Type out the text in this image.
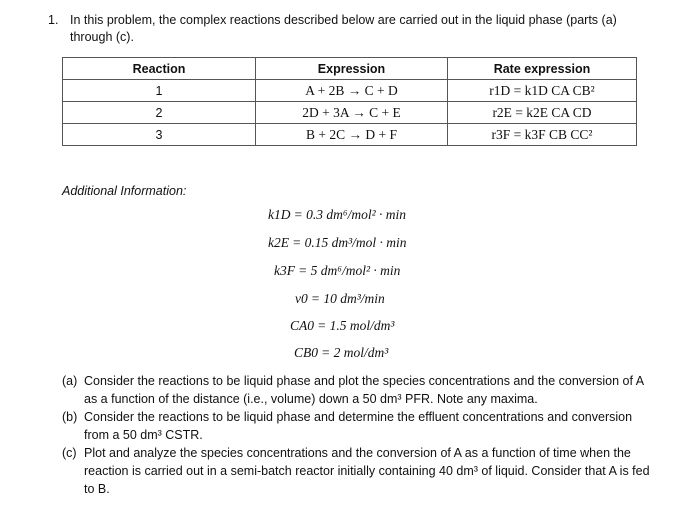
1. In this problem, the complex reactions described below are carried out in the liquid phase (parts (a) through (c).
Reaction	Expression	Rate expression
1	A + 2B → C + D	r1D = k1D CA CB²
2	2D + 3A → C + E	r2E = k2E CA CD
3	B + 2C → D + F	r3F = k3F CB CC²
Additional Information:
k1D = 0.3 dm⁶/mol² · min
k2E = 0.15 dm³/mol · min
k3F = 5 dm⁶/mol² · min
v0 = 10 dm³/min
CA0 = 1.5 mol/dm³
CB0 = 2 mol/dm³
(a) Consider the reactions to be liquid phase and plot the species concentrations and the conversion of A as a function of the distance (i.e., volume) down a 50 dm³ PFR. Note any maxima.
(b) Consider the reactions to be liquid phase and determine the effluent concentrations and conversion from a 50 dm³ CSTR.
(c) Plot and analyze the species concentrations and the conversion of A as a function of time when the reaction is carried out in a semi-batch reactor initially containing 40 dm³ of liquid. Consider that A is fed to B.
